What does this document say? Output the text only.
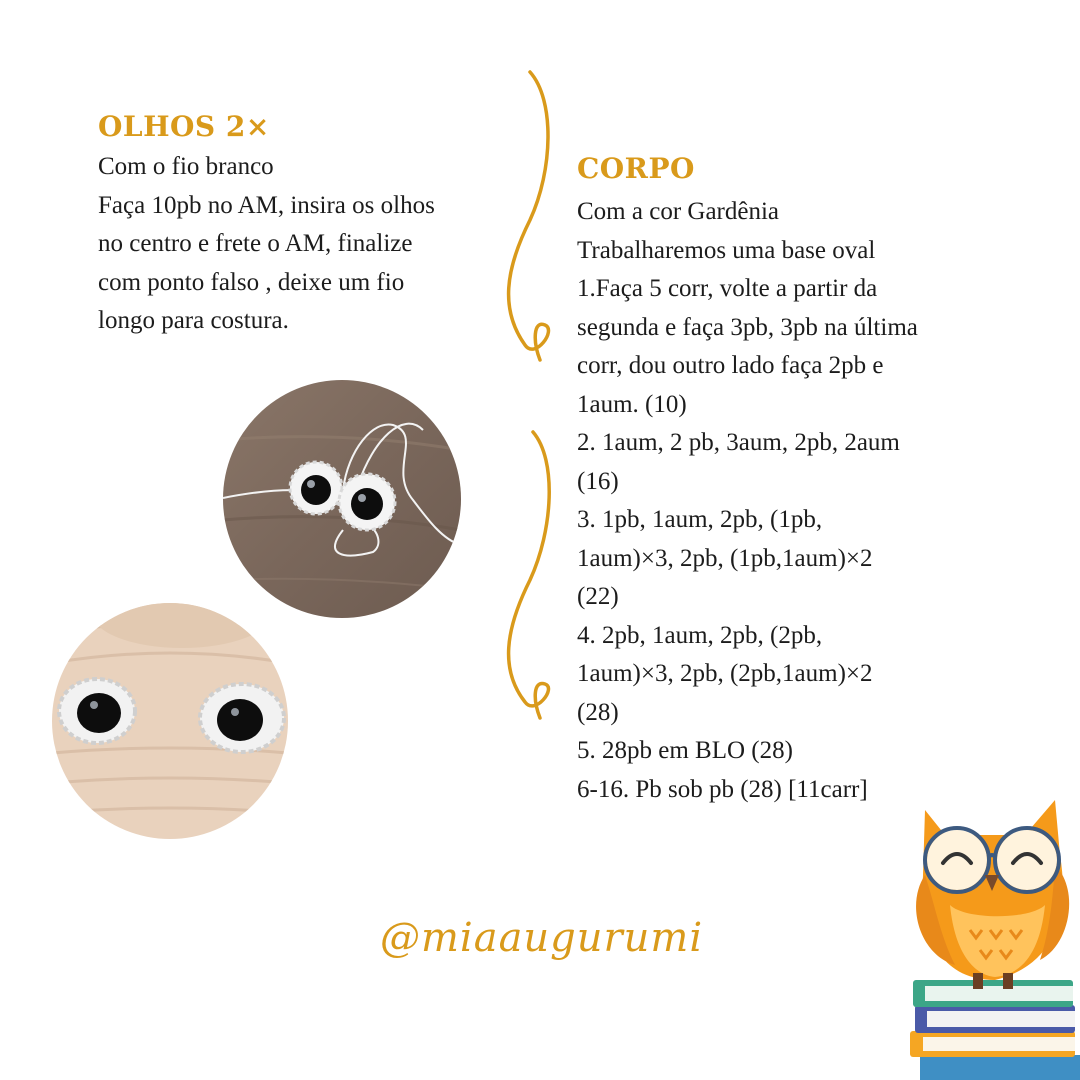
OLHOS 2×
Com o fio branco
Faça 10pb no AM, insira os olhos
no centro e frete o AM, finalize
com ponto falso , deixe um fio
longo para costura.
CORPO
Com a cor Gardênia
Trabalharemos uma base oval
1.Faça 5 corr, volte a partir da
segunda e faça 3pb, 3pb na última
corr, dou outro lado faça 2pb e
1aum. (10)
2. 1aum, 2 pb, 3aum, 2pb, 2aum
(16)
3. 1pb, 1aum, 2pb, (1pb,
1aum)×3, 2pb, (1pb,1aum)×2
(22)
4. 2pb, 1aum, 2pb, (2pb,
1aum)×3, 2pb, (2pb,1aum)×2
(28)
5. 28pb em BLO (28)
6-16. Pb sob pb (28) [11carr]
@miaaugurumi
